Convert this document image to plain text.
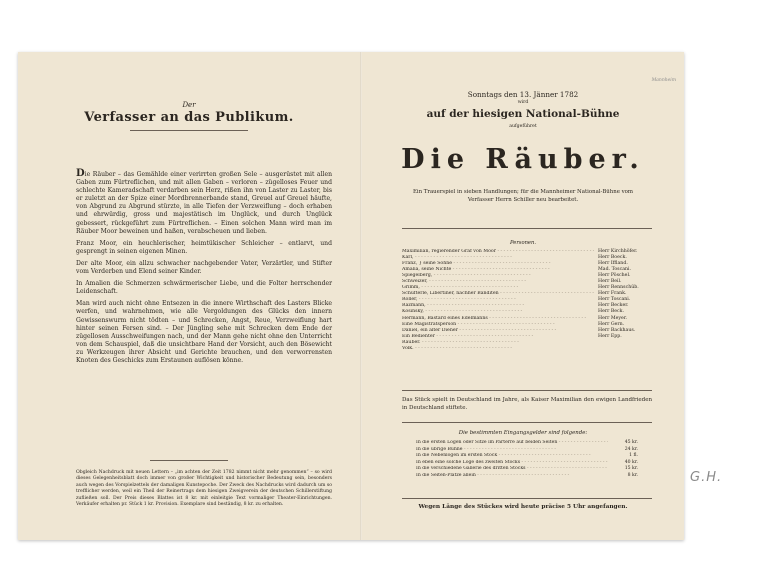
Der
Verfasser an das Publikum.

Die Räuber – das Gemählde einer verirrten großen Sele – ausgerüstet mit allen Gaben zum Fürtreflichen, und mit allen Gaben – verloren – zügelloses Feuer und schlechte Kameradschaft verdarben sein Herz, rißen ihn von Laster zu Laster, bis er zuletzt an der Spize einer Mordbrennerbande stand, Greuel auf Greuel häufte, von Abgrund zu Abgrund stürzte, in alle Tiefen der Verzweiflung – doch erhaben und ehrwürdig, gross und majestätisch im Unglück, und durch Unglück gebessert, rückgeführt zum Fürtreflichen. – Einen solchen Mann wird man im Räuber Moor beweinen und haßen, verabscheuen und lieben.

Franz Moor, ein heuchlerischer, heimtükischer Schleicher – entlarvt, und gesprengt in seinen eigenen Minen.

Der alte Moor, ein allzu schwacher nachgebender Vater, Verzärtler, und Stifter vom Verderben und Elend seiner Kinder.

In Amalien die Schmerzen schwärmerischer Liebe, und die Folter herrschender Leidenschaft.

Man wird auch nicht ohne Entsezen in die innere Wirthschaft des Lasters Blicke werfen, und wahrnehmen, wie alle Vergoldungen des Glücks den innern Gewissenswurm nicht tödten – und Schrecken, Angst, Reue, Verzweiflung hart hinter seinen Fersen sind. – Der Jüngling sehe mit Schrecken dem Ende der zügellosen Ausschweifungen nach, und der Mann gehe nicht ohne den Unterricht von dem Schauspiel, daß die unsichtbare Hand der Vorsicht, auch den Bösewicht zu Werkzeugen ihrer Absicht und Gerichte brauchen, und den verworrensten Knoten des Geschicks zum Erstaunen auflösen könne.

Obgleich Nachdruck mit neuen Lettern – „im achten der Zeit 1782 nimmt nicht mehr genommen“ – so wird dieses Gelegenheitsblatt doch immer von großer Wichtigkeit und historischer Bedeutung sein, besonders auch wegen des Vorspielzettels der damaligen Kunstepoche. Der Zweck des Nachdrucks wird dadurch um so trefflicher werden, weil ein Theil der Reinertrags dem hiesigen Zweigverein der deutschen Schillerstiftung zufließen soll. Der Preis dieses Blattes ist 8 kr. mit einleitgie Text vormaliger Theater-Einrichtungen. Verkäufer erhalten pr. Stück 1 kr. Provision. Exemplare sind beständig, 8 kr. zu erhalten.
Mannheim
Sonntags den 13. Jänner 1782
wird
auf der hiesigen National-Bühne
aufgeführet
Die Räuber.
Ein Trauerspiel in sieben Handlungen; für die Mannheimer National-Bühne vom Verfasser Herrn Schiller neu bearbeitet.
Personen.
Maximilian, regierender Graf von Moor - - -	Herr Kirchhöfer.
Karl, - - -	Herr Boeck.
Franz, } seine Söhne - - -	Herr Iffland.
Amalia, seine Nichte - - -	Mad. Toscani.
Spiegelberg, - - -	Herr Pöschel.
Schweizer, - - -	Herr Beil.
Grimm, - - -	Herr Rennschüb.
Schufterle, Libertiner, nachher Banditen - - -	Herr Frank.
Roller, - - -	Herr Toscani.
Razmann, - - -	Herr Becker.
Kosinsky, - - -	Herr Beck.
Hermann, Bastard eines Edelmanns - - -	Herr Meyer.
Eine Magistratsperson - - -	Herr Gern.
Daniel, ein alter Diener - - -	Herr Backhaus.
Ein Bedienter - - -	Herr Epp.
Räuber. - - -
Volk. - - -
Das Stück spielt in Deutschland im Jahre, als Kaiser Maximilian den ewigen Landfrieden in Deutschland stiftete.
Die bestimmten Eingangsgelder sind folgende:
In die ersten Logen oder Sitze im Parterre auf beiden Seiten - - -	45 kr.
In die übrige Bühne - - -	24 kr.
In die Nebenlogen im ersten Stock - - -	1 fl.
In eben eine solche Loge des zweiten Stocks - - -	40 kr.
In die verschiedene Gallerie des dritten Stocks - - -	15 kr.
In die Seiten-Plätze allein - - -	8 kr.
Wegen Länge des Stückes wird heute präcise 5 Uhr angefangen.
G.H.
